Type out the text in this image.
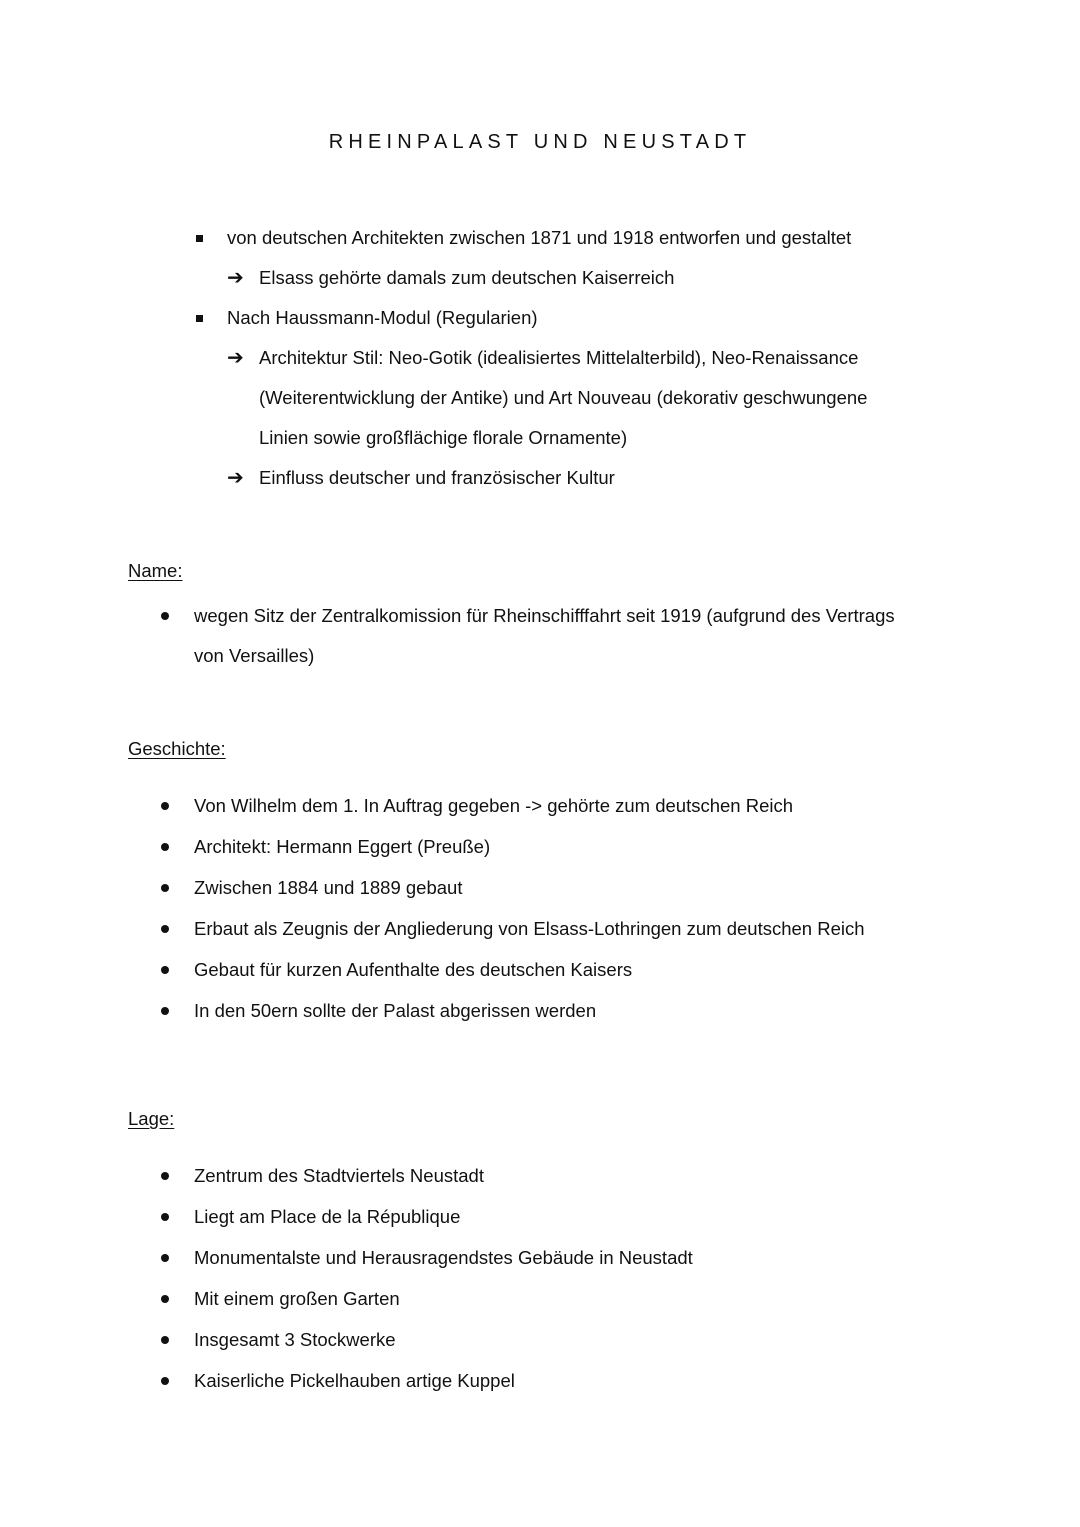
RHEINPALAST UND NEUSTADT
von deutschen Architekten zwischen 1871 und 1918 entworfen und gestaltet
➔ Elsass gehörte damals zum deutschen Kaiserreich
Nach Haussmann-Modul (Regularien)
➔ Architektur Stil: Neo-Gotik (idealisiertes Mittelalterbild), Neo-Renaissance
(Weiterentwicklung der Antike) und Art Nouveau (dekorativ geschwungene
Linien sowie großflächige florale Ornamente)
➔ Einfluss deutscher und französischer Kultur
Name:
wegen Sitz der Zentralkomission für Rheinschifffahrt seit 1919 (aufgrund des Vertrags
von Versailles)
Geschichte:
Von Wilhelm dem 1. In Auftrag gegeben -> gehörte zum deutschen Reich
Architekt: Hermann Eggert (Preuße)
Zwischen 1884 und 1889 gebaut
Erbaut als Zeugnis der Angliederung von Elsass-Lothringen zum deutschen Reich
Gebaut für kurzen Aufenthalte des deutschen Kaisers
In den 50ern sollte der Palast abgerissen werden
Lage:
Zentrum des Stadtviertels Neustadt
Liegt am Place de la République
Monumentalste und Herausragendstes Gebäude in Neustadt
Mit einem großen Garten
Insgesamt 3 Stockwerke
Kaiserliche Pickelhauben artige Kuppel
